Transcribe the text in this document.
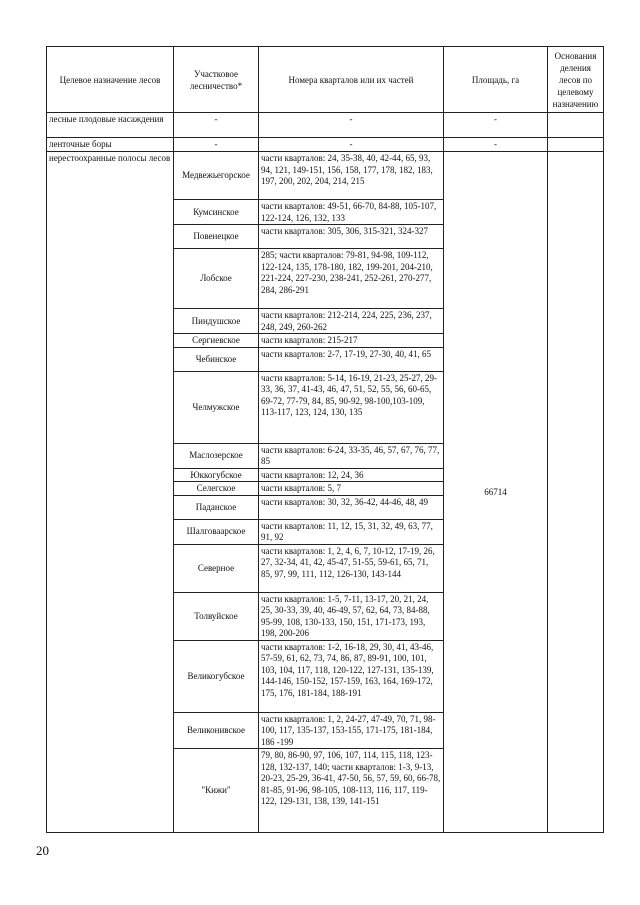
Целевое назначение лесов	Участковое лесничество*	Номера кварталов или их частей	Площадь, га	Основания деления лесов по целевому назначению
лесные плодовые насаждения	-	-	-	
ленточные боры	-	-	-	
нерестоохранные полосы лесов	Медвежьегорское	части кварталов: 24, 35-38, 40, 42-44, 65, 93, 94, 121, 149-151, 156, 158, 177, 178, 182, 183, 197, 200, 202, 204, 214, 215	66714	
	Кумсинское	части кварталов: 49-51, 66-70, 84-88, 105-107, 122-124, 126, 132, 133		
	Повенецкое	части кварталов: 305, 306, 315-321, 324-327		
	Лобское	285; части кварталов: 79-81, 94-98, 109-112, 122-124, 135, 178-180, 182, 199-201, 204-210, 221-224, 227-230, 238-241, 252-261, 270-277, 284, 286-291		
	Пиндушское	части кварталов: 212-214, 224, 225, 236, 237, 248, 249, 260-262		
	Сергиевское	части кварталов: 215-217		
	Чебинское	части кварталов: 2-7, 17-19, 27-30, 40, 41, 65		
	Челмужское	части кварталов: 5-14, 16-19, 21-23, 25-27, 29-33, 36, 37, 41-43, 46, 47, 51, 52, 55, 56, 60-65, 69-72, 77-79, 84, 85, 90-92, 98-100,103-109, 113-117, 123, 124, 130, 135		
	Маслозерское	части кварталов: 6-24, 33-35, 46, 57, 67, 76, 77, 85		
	Юккогубское	части кварталов: 12, 24, 36		
	Селегское	части кварталов: 5, 7		
	Паданское	части кварталов: 30, 32, 36-42, 44-46, 48, 49		
	Шалговаарское	части кварталов: 11, 12, 15, 31, 32, 49, 63, 77, 91, 92		
	Северное	части кварталов: 1, 2, 4, 6, 7, 10-12, 17-19, 26, 27, 32-34, 41, 42, 45-47, 51-55, 59-61, 65, 71, 85, 97, 99, 111, 112, 126-130, 143-144		
	Толвуйское	части кварталов: 1-5, 7-11, 13-17, 20, 21, 24, 25, 30-33, 39, 40, 46-49, 57, 62, 64, 73, 84-88, 95-99, 108, 130-133, 150, 151, 171-173, 193, 198, 200-206		
	Великогубское	части кварталов: 1-2, 16-18, 29, 30, 41, 43-46, 57-59, 61, 62, 73, 74, 86, 87, 89-91, 100, 101, 103, 104, 117, 118, 120-122, 127-131, 135-139, 144-146, 150-152, 157-159, 163, 164, 169-172, 175, 176, 181-184, 188-191		
	Великонивское	части кварталов: 1, 2, 24-27, 47-49, 70, 71, 98-100, 117, 135-137, 153-155, 171-175, 181-184, 186 -199		
	"Кижи"	79, 80, 86-90, 97, 106, 107, 114, 115, 118, 123-128, 132-137, 140; части кварталов: 1-3, 9-13, 20-23, 25-29, 36-41, 47-50, 56, 57, 59, 60, 66-78, 81-85, 91-96, 98-105, 108-113, 116, 117, 119-122, 129-131, 138, 139, 141-151		
20
